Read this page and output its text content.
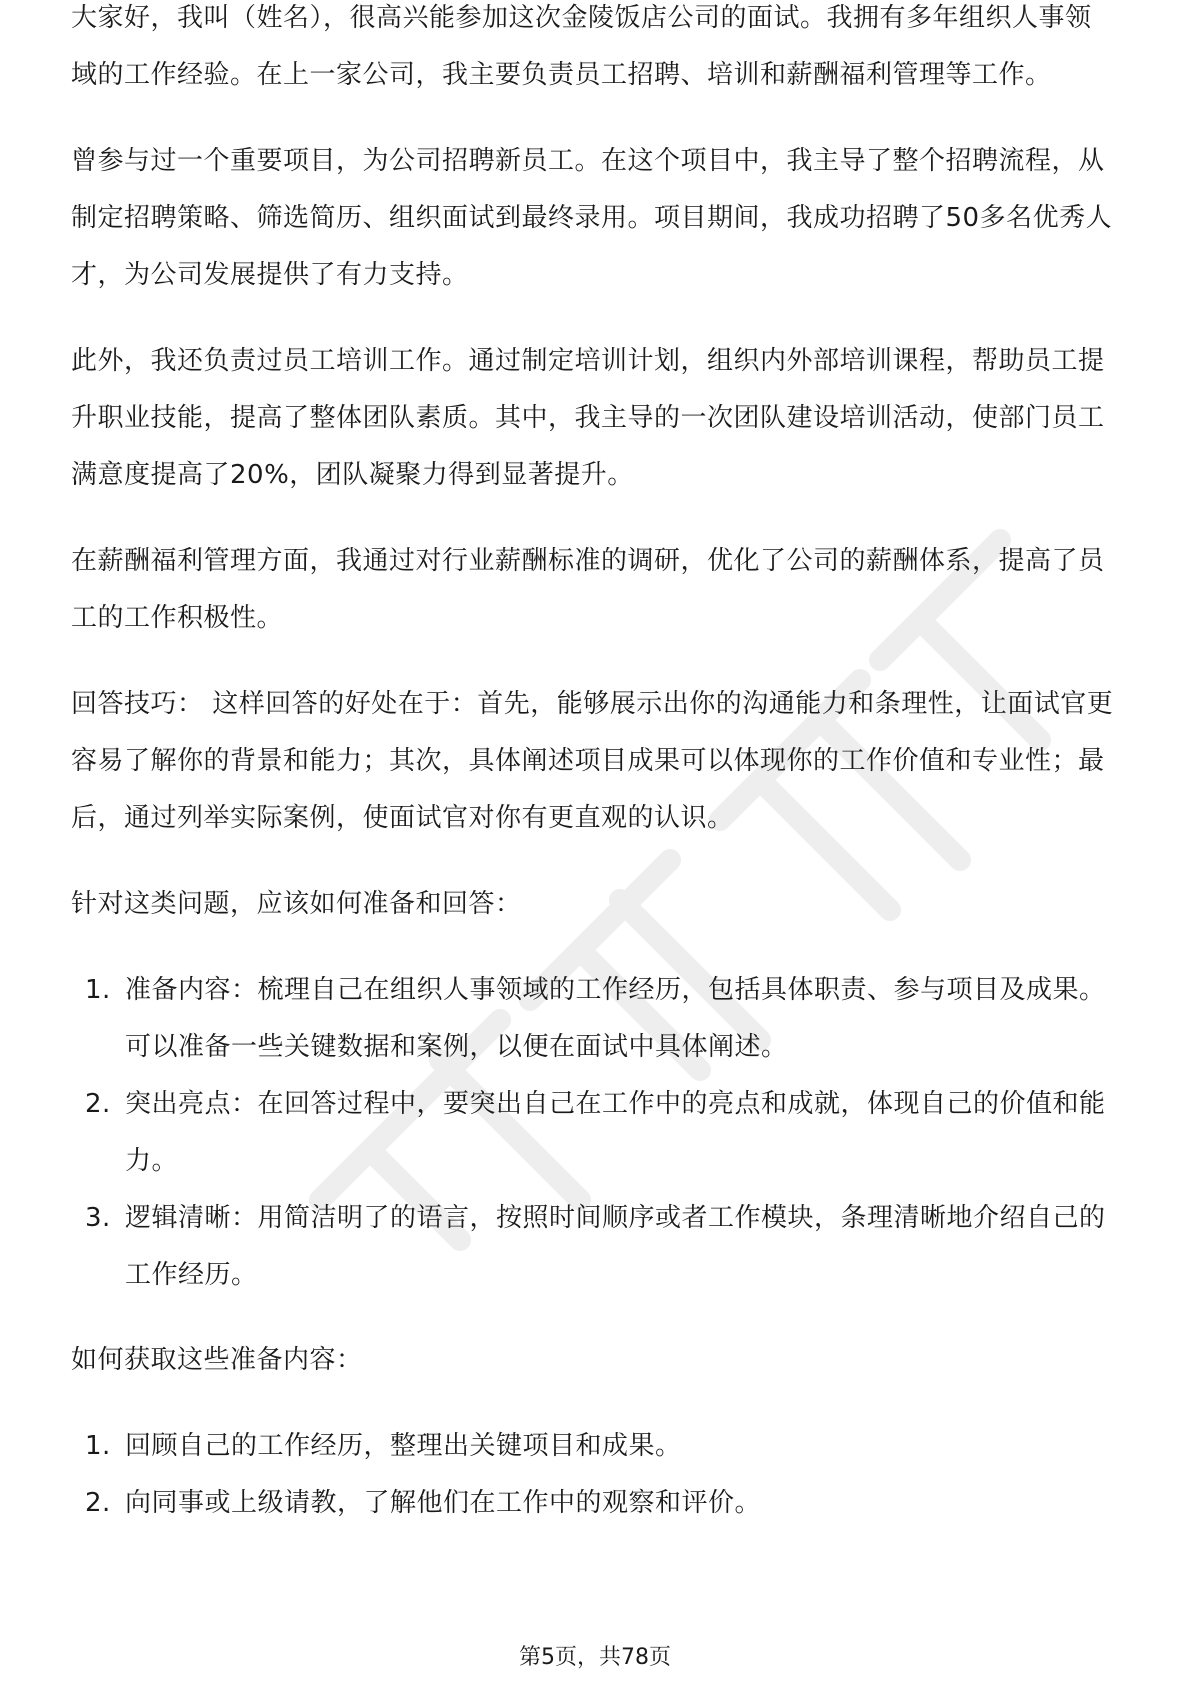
大家好，我叫（姓名），很高兴能参加这次金陵饭店公司的面试。我拥有多年组织人事领域的工作经验。在上一家公司，我主要负责员工招聘、培训和薪酬福利管理等工作。

曾参与过一个重要项目，为公司招聘新员工。在这个项目中，我主导了整个招聘流程，从制定招聘策略、筛选简历、组织面试到最终录用。项目期间，我成功招聘了50多名优秀人才，为公司发展提供了有力支持。

此外，我还负责过员工培训工作。通过制定培训计划，组织内外部培训课程，帮助员工提升职业技能，提高了整体团队素质。其中，我主导的一次团队建设培训活动，使部门员工满意度提高了20%，团队凝聚力得到显著提升。

在薪酬福利管理方面，我通过对行业薪酬标准的调研，优化了公司的薪酬体系，提高了员工的工作积极性。

回答技巧： 这样回答的好处在于：首先，能够展示出你的沟通能力和条理性，让面试官更容易了解你的背景和能力；其次，具体阐述项目成果可以体现你的工作价值和专业性；最后，通过列举实际案例，使面试官对你有更直观的认识。

针对这类问题，应该如何准备和回答：

1. 准备内容：梳理自己在组织人事领域的工作经历，包括具体职责、参与项目及成果。可以准备一些关键数据和案例，以便在面试中具体阐述。
2. 突出亮点：在回答过程中，要突出自己在工作中的亮点和成就，体现自己的价值和能力。
3. 逻辑清晰：用简洁明了的语言，按照时间顺序或者工作模块，条理清晰地介绍自己的工作经历。

如何获取这些准备内容：

1. 回顾自己的工作经历，整理出关键项目和成果。
2. 向同事或上级请教，了解他们在工作中的观察和评价。
第5页，共78页
